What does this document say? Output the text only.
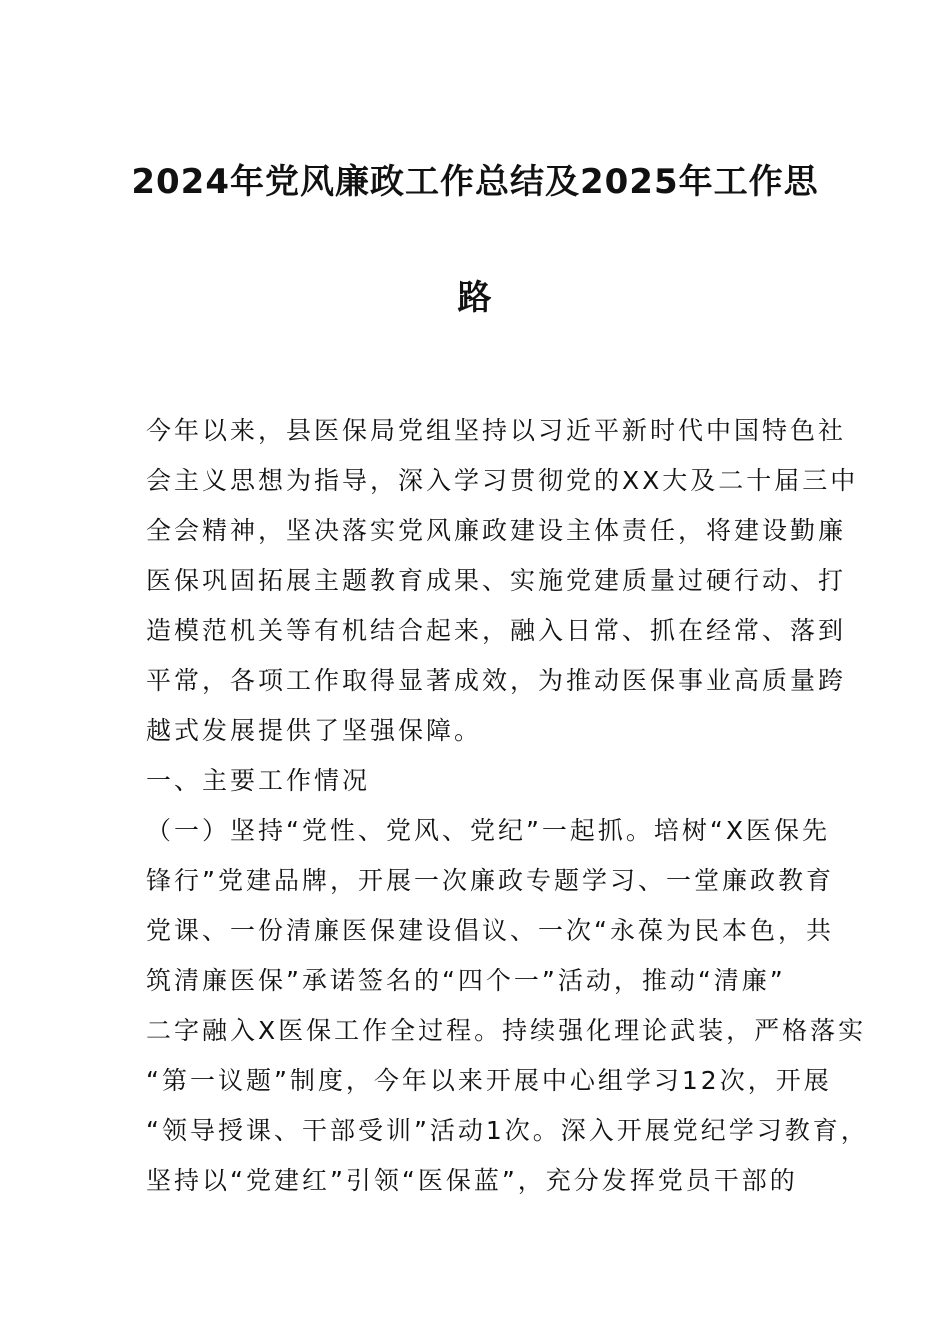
2024年党风廉政工作总结及2025年工作思
路
今年以来，县医保局党组坚持以习近平新时代中国特色社
会主义思想为指导，深入学习贯彻党的XX大及二十届三中
全会精神，坚决落实党风廉政建设主体责任，将建设勤廉
医保巩固拓展主题教育成果、实施党建质量过硬行动、打
造模范机关等有机结合起来，融入日常、抓在经常、落到
平常，各项工作取得显著成效，为推动医保事业高质量跨
越式发展提供了坚强保障。
一、主要工作情况
（一）坚持“党性、党风、党纪”一起抓。培树“X医保先
锋行”党建品牌，开展一次廉政专题学习、一堂廉政教育
党课、一份清廉医保建设倡议、一次“永葆为民本色，共
筑清廉医保”承诺签名的“四个一”活动，推动“清廉”
二字融入X医保工作全过程。持续强化理论武装，严格落实
“第一议题”制度，今年以来开展中心组学习12次，开展
“领导授课、干部受训”活动1次。深入开展党纪学习教育，
坚持以“党建红”引领“医保蓝”，充分发挥党员干部的
